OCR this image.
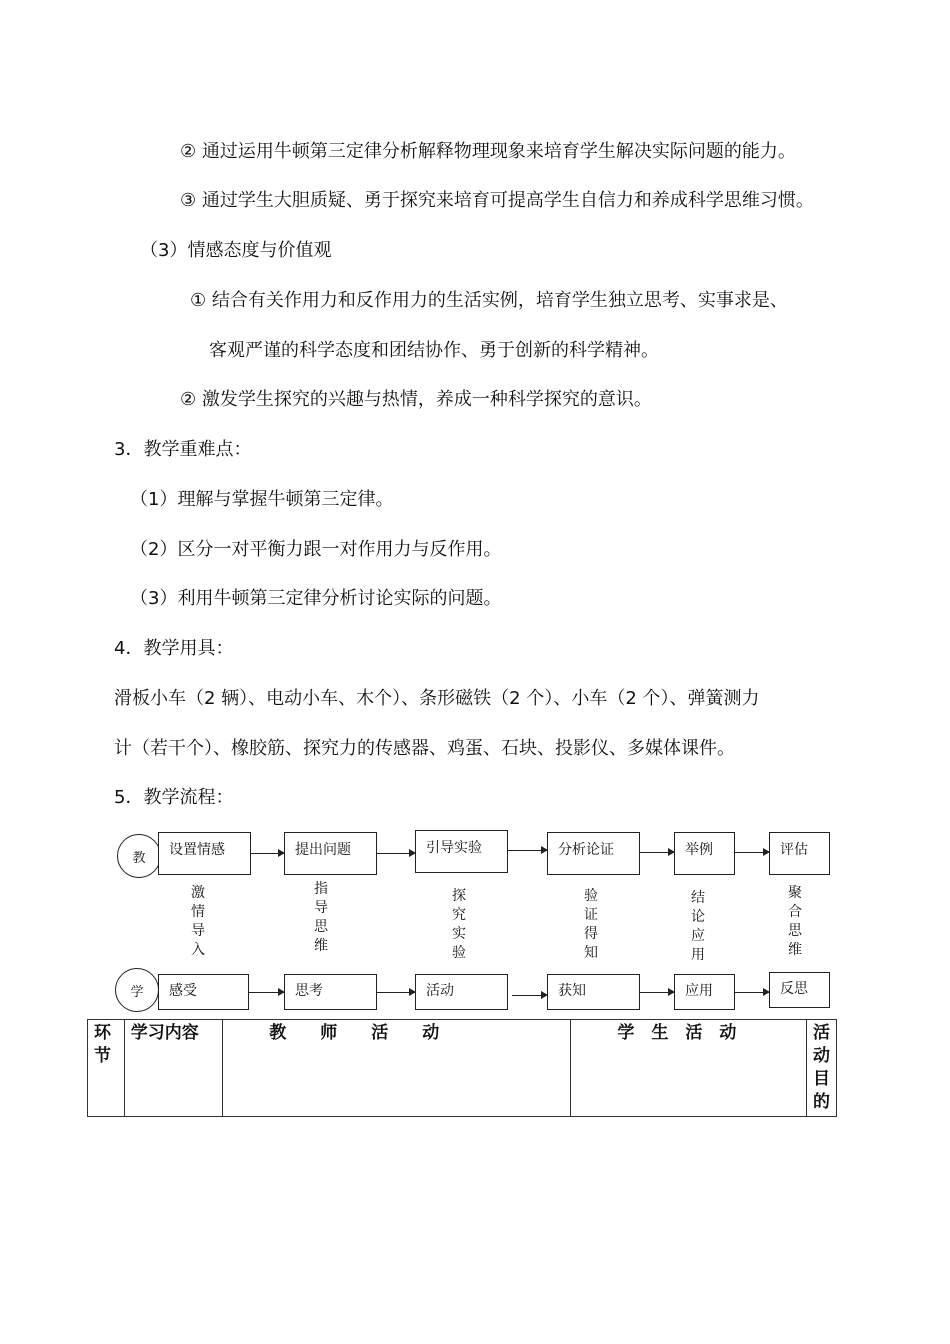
② 通过运用牛顿第三定律分析解释物理现象来培育学生解决实际问题的能力。
③ 通过学生大胆质疑、勇于探究来培育可提高学生自信力和养成科学思维习惯。
（3）情感态度与价值观
① 结合有关作用力和反作用力的生活实例，培育学生独立思考、实事求是、
客观严谨的科学态度和团结协作、勇于创新的科学精神。
② 激发学生探究的兴趣与热情，养成一种科学探究的意识。
3．教学重难点：
（1）理解与掌握牛顿第三定律。
（2）区分一对平衡力跟一对作用力与反作用。
（3）利用牛顿第三定律分析讨论实际的问题。
4．教学用具：
滑板小车（2 辆）、电动小车、木个）、条形磁铁（2 个）、小车（2 个）、弹簧测力
计（若干个）、橡胶筋、探究力的传感器、鸡蛋、石块、投影仪、多媒体课件。
5．教学流程：
教	设置情感	提出问题	引导实验	分析论证	举例	评估
激情导入
指导思维
探究实验
验证得知
结论应用
聚合思维
学	感受	思考	活动	获知	应用	反思
环节	学习内容	教　　师　　活　　动	学　生　活　动	活动目的
